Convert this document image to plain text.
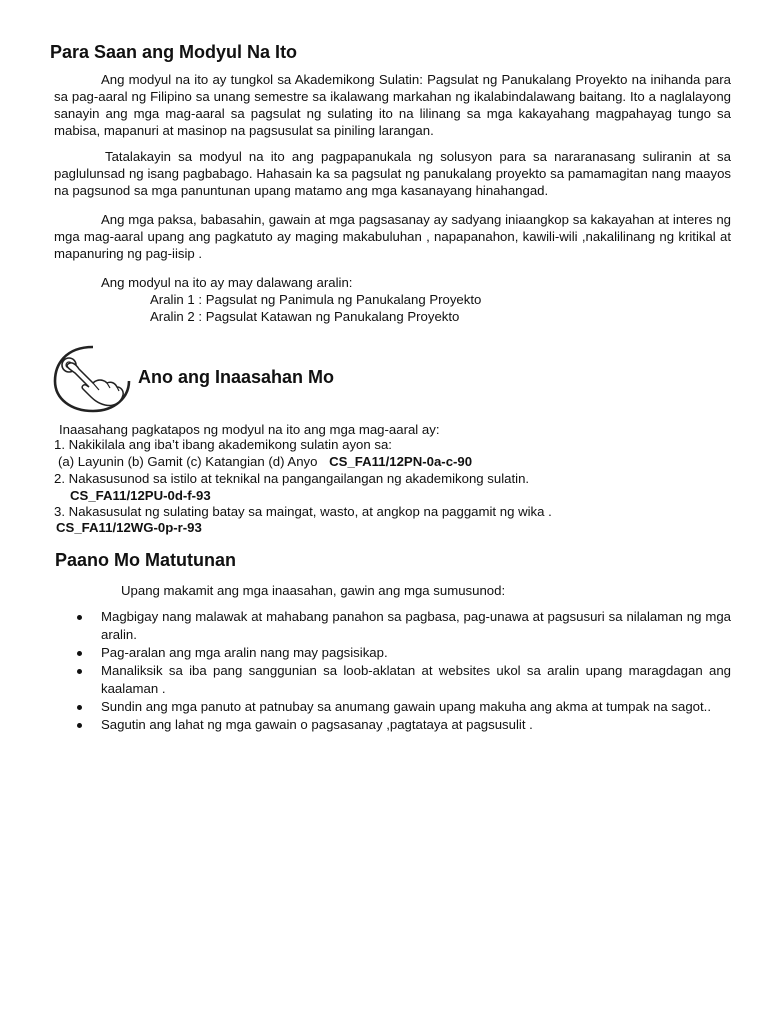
Para Saan ang Modyul Na Ito

Ang modyul na ito ay tungkol sa Akademikong Sulatin: Pagsulat ng Panukalang Proyekto na inihanda para sa pag-aaral ng Filipino sa unang semestre sa ikalawang markahan ng ikalabindalawang baitang. Ito a naglalayong sanayin ang mga mag-aaral sa pagsulat ng sulating ito na lilinang sa mga kakayahang magpahayag tungo sa mabisa, mapanuri at masinop na pagsusulat sa piniling larangan.

Tatalakayin sa modyul na ito ang pagpapanukala ng solusyon para sa nararanasang suliranin at sa paglulunsad ng isang pagbabago. Hahasain ka sa pagsulat ng panukalang proyekto sa pamamagitan nang maayos na pagsunod sa mga panuntunan upang matamo ang mga kasanayang hinahangad.

Ang mga paksa, babasahin, gawain at mga pagsasanay ay sadyang iniaangkop sa kakayahan at interes ng mga mag-aaral upang ang pagkatuto ay maging makabuluhan , napapanahon, kawili-wili ,nakalilinang ng kritikal at mapanuring ng pag-iisip .

Ang modyul na ito ay may dalawang aralin:
Aralin 1 : Pagsulat ng Panimula ng Panukalang Proyekto
Aralin 2 : Pagsulat Katawan ng Panukalang Proyekto
Ano ang Inaasahan Mo
Inaasahang pagkatapos ng modyul na ito ang mga mag-aaral ay:
1. Nakikilala ang iba’t ibang akademikong sulatin ayon sa:
(a) Layunin (b) Gamit (c) Katangian (d) Anyo CS_FA11/12PN-0a-c-90
2. Nakasusunod sa istilo at teknikal na pangangailangan ng akademikong sulatin.
CS_FA11/12PU-0d-f-93
3. Nakasusulat ng sulating batay sa maingat, wasto, at angkop na paggamit ng wika .
CS_FA11/12WG-0p-r-93
Paano Mo Matutunan
Upang makamit ang mga inaasahan, gawin ang mga sumusunod:
Magbigay nang malawak at mahabang panahon sa pagbasa, pag-unawa at pagsusuri sa nilalaman ng mga aralin.
Pag-aralan ang mga aralin nang may pagsisikap.
Manaliksik sa iba pang sanggunian sa loob-aklatan at websites ukol sa aralin upang maragdagan ang kaalaman .
Sundin ang mga panuto at patnubay sa anumang gawain upang makuha ang akma at tumpak na sagot..
Sagutin ang lahat ng mga gawain o pagsasanay ,pagtataya at pagsusulit .
